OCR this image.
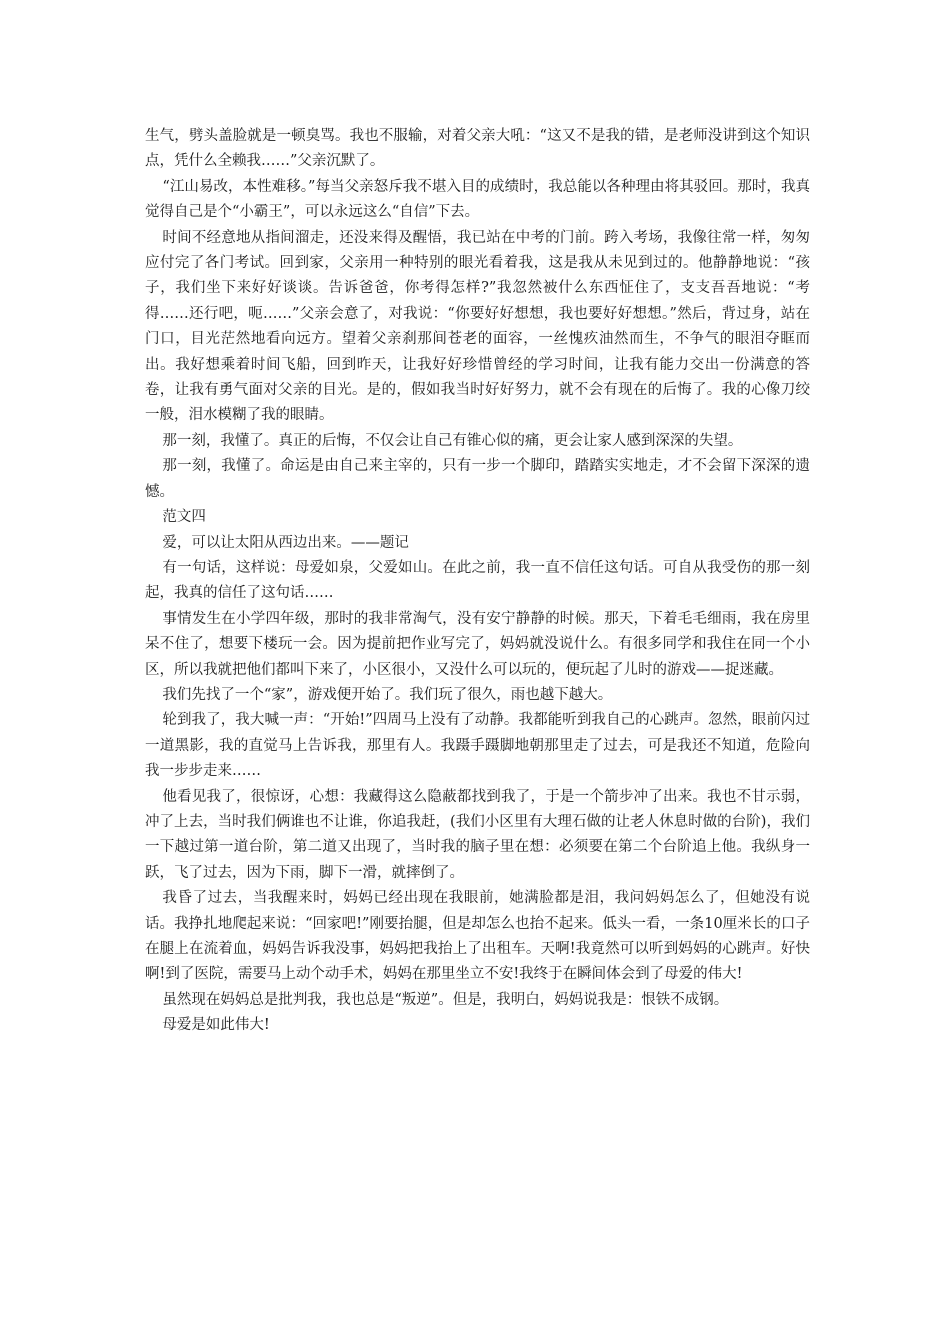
生气，劈头盖脸就是一顿臭骂。我也不服输，对着父亲大吼：“这又不是我的错，是老师没讲到这个知识点，凭什么全赖我……”父亲沉默了。

“江山易改，本性难移。”每当父亲怒斥我不堪入目的成绩时，我总能以各种理由将其驳回。那时，我真觉得自己是个“小霸王”，可以永远这么“自信”下去。

时间不经意地从指间溜走，还没来得及醒悟，我已站在中考的门前。跨入考场，我像往常一样，匆匆应付完了各门考试。回到家，父亲用一种特别的眼光看着我，这是我从未见到过的。他静静地说：“孩子，我们坐下来好好谈谈。告诉爸爸，你考得怎样?”我忽然被什么东西怔住了，支支吾吾地说：“考得……还行吧，呃……”父亲会意了，对我说：“你要好好想想，我也要好好想想。”然后，背过身，站在门口，目光茫然地看向远方。望着父亲刹那间苍老的面容，一丝愧疚油然而生，不争气的眼泪夺眶而出。我好想乘着时间飞船，回到昨天，让我好好珍惜曾经的学习时间，让我有能力交出一份满意的答卷，让我有勇气面对父亲的目光。是的，假如我当时好好努力，就不会有现在的后悔了。我的心像刀绞一般，泪水模糊了我的眼睛。

那一刻，我懂了。真正的后悔，不仅会让自己有锥心似的痛，更会让家人感到深深的失望。

那一刻，我懂了。命运是由自己来主宰的，只有一步一个脚印，踏踏实实地走，才不会留下深深的遗憾。

范文四

爱，可以让太阳从西边出来。——题记

有一句话，这样说：母爱如泉，父爱如山。在此之前，我一直不信任这句话。可自从我受伤的那一刻起，我真的信任了这句话……

事情发生在小学四年级，那时的我非常淘气，没有安宁静静的时候。那天，下着毛毛细雨，我在房里呆不住了，想要下楼玩一会。因为提前把作业写完了，妈妈就没说什么。有很多同学和我住在同一个小区，所以我就把他们都叫下来了，小区很小，又没什么可以玩的，便玩起了儿时的游戏——捉迷藏。

我们先找了一个“家”，游戏便开始了。我们玩了很久，雨也越下越大。

轮到我了，我大喊一声：“开始!”四周马上没有了动静。我都能听到我自己的心跳声。忽然，眼前闪过一道黑影，我的直觉马上告诉我，那里有人。我蹑手蹑脚地朝那里走了过去，可是我还不知道，危险向我一步步走来……

他看见我了，很惊讶，心想：我藏得这么隐蔽都找到我了，于是一个箭步冲了出来。我也不甘示弱，冲了上去，当时我们俩谁也不让谁，你追我赶，(我们小区里有大理石做的让老人休息时做的台阶)，我们一下越过第一道台阶，第二道又出现了，当时我的脑子里在想：必须要在第二个台阶追上他。我纵身一跃，飞了过去，因为下雨，脚下一滑，就摔倒了。

我昏了过去，当我醒来时，妈妈已经出现在我眼前，她满脸都是泪，我问妈妈怎么了，但她没有说话。我挣扎地爬起来说：“回家吧!”刚要抬腿，但是却怎么也抬不起来。低头一看，一条10厘米长的口子在腿上在流着血，妈妈告诉我没事，妈妈把我抬上了出租车。天啊!我竟然可以听到妈妈的心跳声。好快啊!到了医院，需要马上动个动手术，妈妈在那里坐立不安!我终于在瞬间体会到了母爱的伟大!

虽然现在妈妈总是批判我，我也总是“叛逆”。但是，我明白，妈妈说我是：恨铁不成钢。

母爱是如此伟大!
